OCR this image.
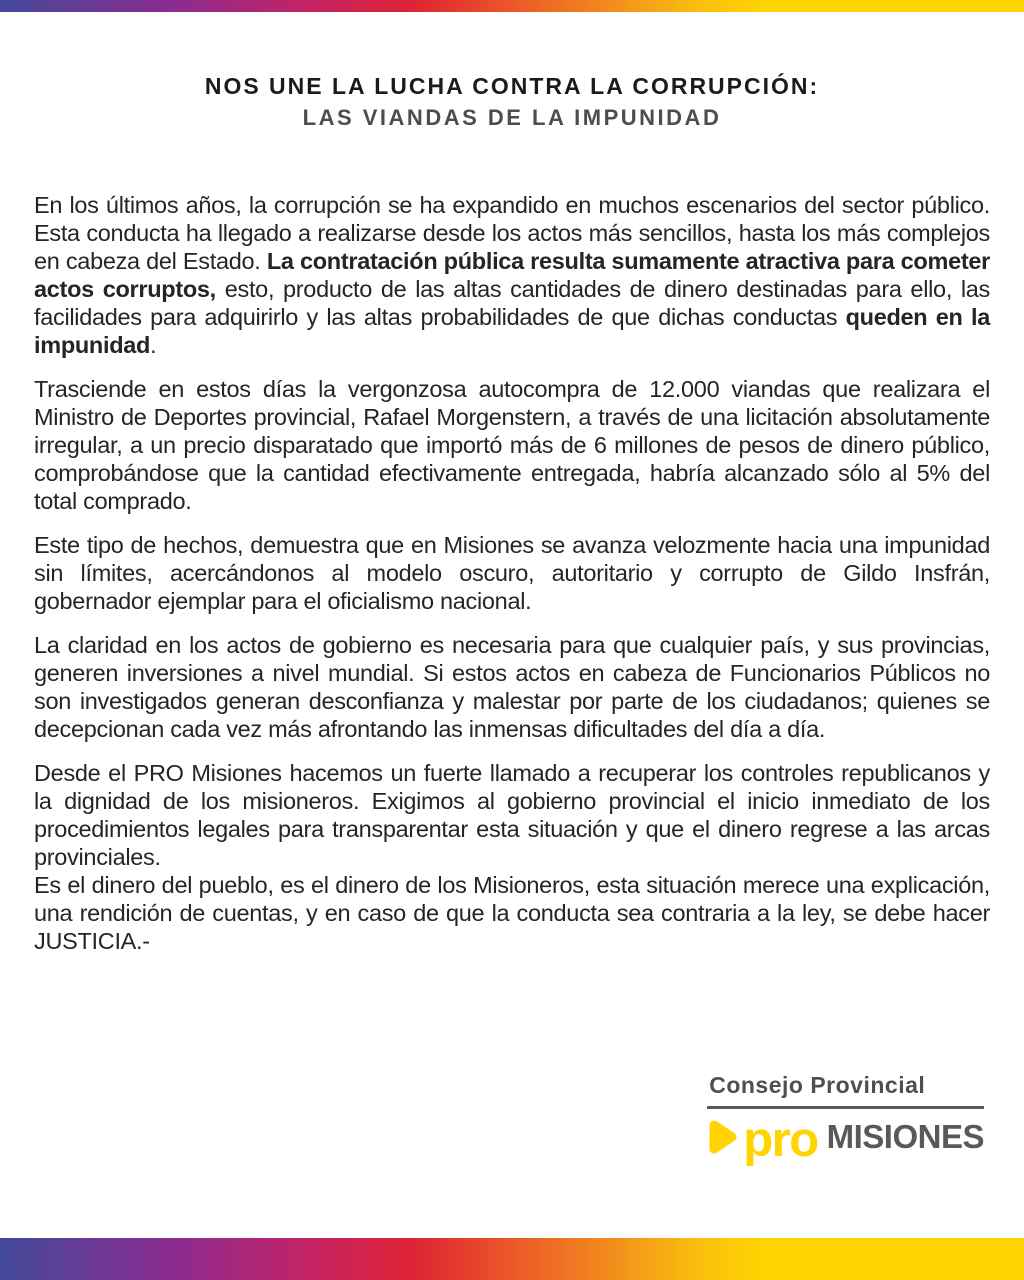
NOS UNE LA LUCHA CONTRA LA CORRUPCIÓN:
LAS VIANDAS DE LA IMPUNIDAD

En los últimos años, la corrupción se ha expandido en muchos escenarios del sector público. Esta conducta ha llegado a realizarse desde los actos más sencillos, hasta los más complejos en cabeza del Estado. La contratación pública resulta sumamente atractiva para cometer actos corruptos, esto, producto de las altas cantidades de dinero destinadas para ello, las facilidades para adquirirlo y las altas probabilidades de que dichas conductas queden en la impunidad.

Trasciende en estos días la vergonzosa autocompra de 12.000 viandas que realizara el Ministro de Deportes provincial, Rafael Morgenstern, a través de una licitación absolutamente irregular, a un precio disparatado que importó más de 6 millones de pesos de dinero público, comprobándose que la cantidad efectivamente entregada, habría alcanzado sólo al 5% del total comprado.

Este tipo de hechos, demuestra que en Misiones se avanza velozmente hacia una impunidad sin límites, acercándonos al modelo oscuro, autoritario y corrupto de Gildo Insfrán, gobernador ejemplar para el oficialismo nacional.

La claridad en los actos de gobierno es necesaria para que cualquier país, y sus provincias, generen inversiones a nivel mundial. Si estos actos en cabeza de Funcionarios Públicos no son investigados generan desconfianza y malestar por parte de los ciudadanos; quienes se decepcionan cada vez más afrontando las inmensas dificultades del día a día.

Desde el PRO Misiones hacemos un fuerte llamado a recuperar los controles republicanos y la dignidad de los misioneros. Exigimos al gobierno provincial el inicio inmediato de los procedimientos legales para transparentar esta situación y que el dinero regrese a las arcas provinciales.

Es el dinero del pueblo, es el dinero de los Misioneros, esta situación merece una explicación, una rendición de cuentas, y en caso de que la conducta sea contraria a la ley, se debe hacer JUSTICIA.-

Consejo Provincial
pro MISIONES
